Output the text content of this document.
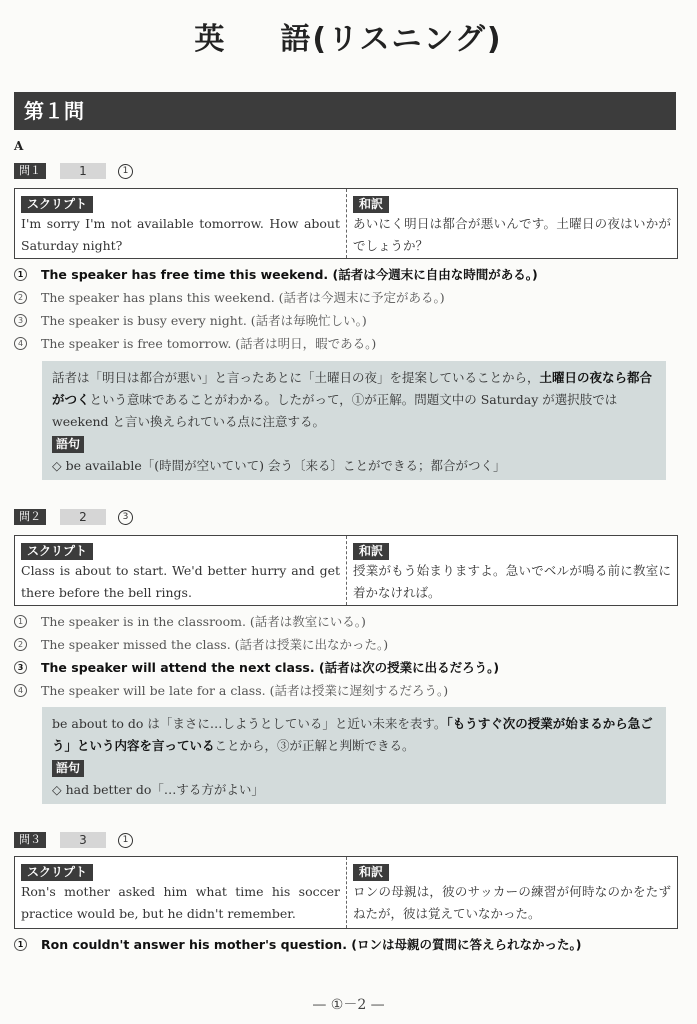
英 語(リスニング)
第１問
A
問１	1	1
スクリプト
I'm sorry I'm not available tomorrow. How about Saturday night?
和訳
あいにく明日は都合が悪いんです。土曜日の夜はいかがでしょうか？
1 The speaker has free time this weekend. (話者は今週末に自由な時間がある。)
2	The speaker has plans this weekend. (話者は今週末に予定がある。)
3	The speaker is busy every night. (話者は毎晩忙しい。)
4	The speaker is free tomorrow. (話者は明日，暇である。)

話者は「明日は都合が悪い」と言ったあとに「土曜日の夜」を提案していることから，土曜日の夜なら都合がつくという意味であることがわかる。したがって，①が正解。問題文中の Saturday が選択肢では weekend と言い換えられている点に注意する。

語句

◇ be available「(時間が空いていて) 会う〔来る〕ことができる；都合がつく」

問２	2	3
スクリプト
Class is about to start. We'd better hurry and get there before the bell rings.
和訳
授業がもう始まりますよ。急いでベルが鳴る前に教室に着かなければ。
1	The speaker is in the classroom. (話者は教室にいる。)
2	The speaker missed the class. (話者は授業に出なかった。)
3 The speaker will attend the next class. (話者は次の授業に出るだろう。)
4	The speaker will be late for a class. (話者は授業に遅刻するだろう。)

be about to do は「まさに…しようとしている」と近い未来を表す。「もうすぐ次の授業が始まるから急ごう」という内容を言っていることから，③が正解と判断できる。

語句

◇ had better do「…する方がよい」

問３	3	1
スクリプト
Ron's mother asked him what time his soccer practice would be, but he didn't remember.
和訳
ロンの母親は，彼のサッカーの練習が何時なのかをたずねたが，彼は覚えていなかった。
1 Ron couldn't answer his mother's question. (ロンは母親の質問に答えられなかった。)
— ①－2 —
